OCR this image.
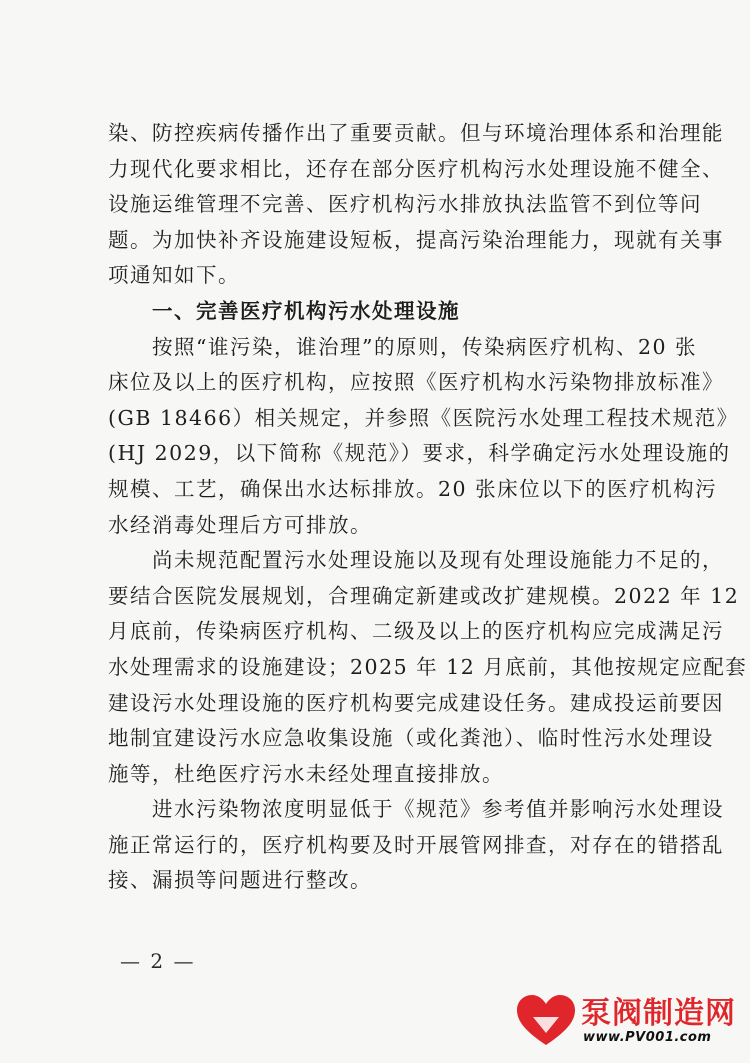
染、防控疾病传播作出了重要贡献。但与环境治理体系和治理能
力现代化要求相比，还存在部分医疗机构污水处理设施不健全、
设施运维管理不完善、医疗机构污水排放执法监管不到位等问
题。为加快补齐设施建设短板，提高污染治理能力，现就有关事
项通知如下。
　　一、完善医疗机构污水处理设施
　　按照“谁污染，谁治理”的原则，传染病医疗机构、20 张
床位及以上的医疗机构，应按照《医疗机构水污染物排放标准》
(GB 18466）相关规定，并参照《医院污水处理工程技术规范》
(HJ 2029，以下简称《规范》）要求，科学确定污水处理设施的
规模、工艺，确保出水达标排放。20 张床位以下的医疗机构污
水经消毒处理后方可排放。
　　尚未规范配置污水处理设施以及现有处理设施能力不足的，
要结合医院发展规划，合理确定新建或改扩建规模。2022 年 12
月底前，传染病医疗机构、二级及以上的医疗机构应完成满足污
水处理需求的设施建设；2025 年 12 月底前，其他按规定应配套
建设污水处理设施的医疗机构要完成建设任务。建成投运前要因
地制宜建设污水应急收集设施（或化粪池）、临时性污水处理设
施等，杜绝医疗污水未经处理直接排放。
　　进水污染物浓度明显低于《规范》参考值并影响污水处理设
施正常运行的，医疗机构要及时开展管网排查，对存在的错搭乱
接、漏损等问题进行整改。
— 2 —
泵阀制造网
www.PV001.com
